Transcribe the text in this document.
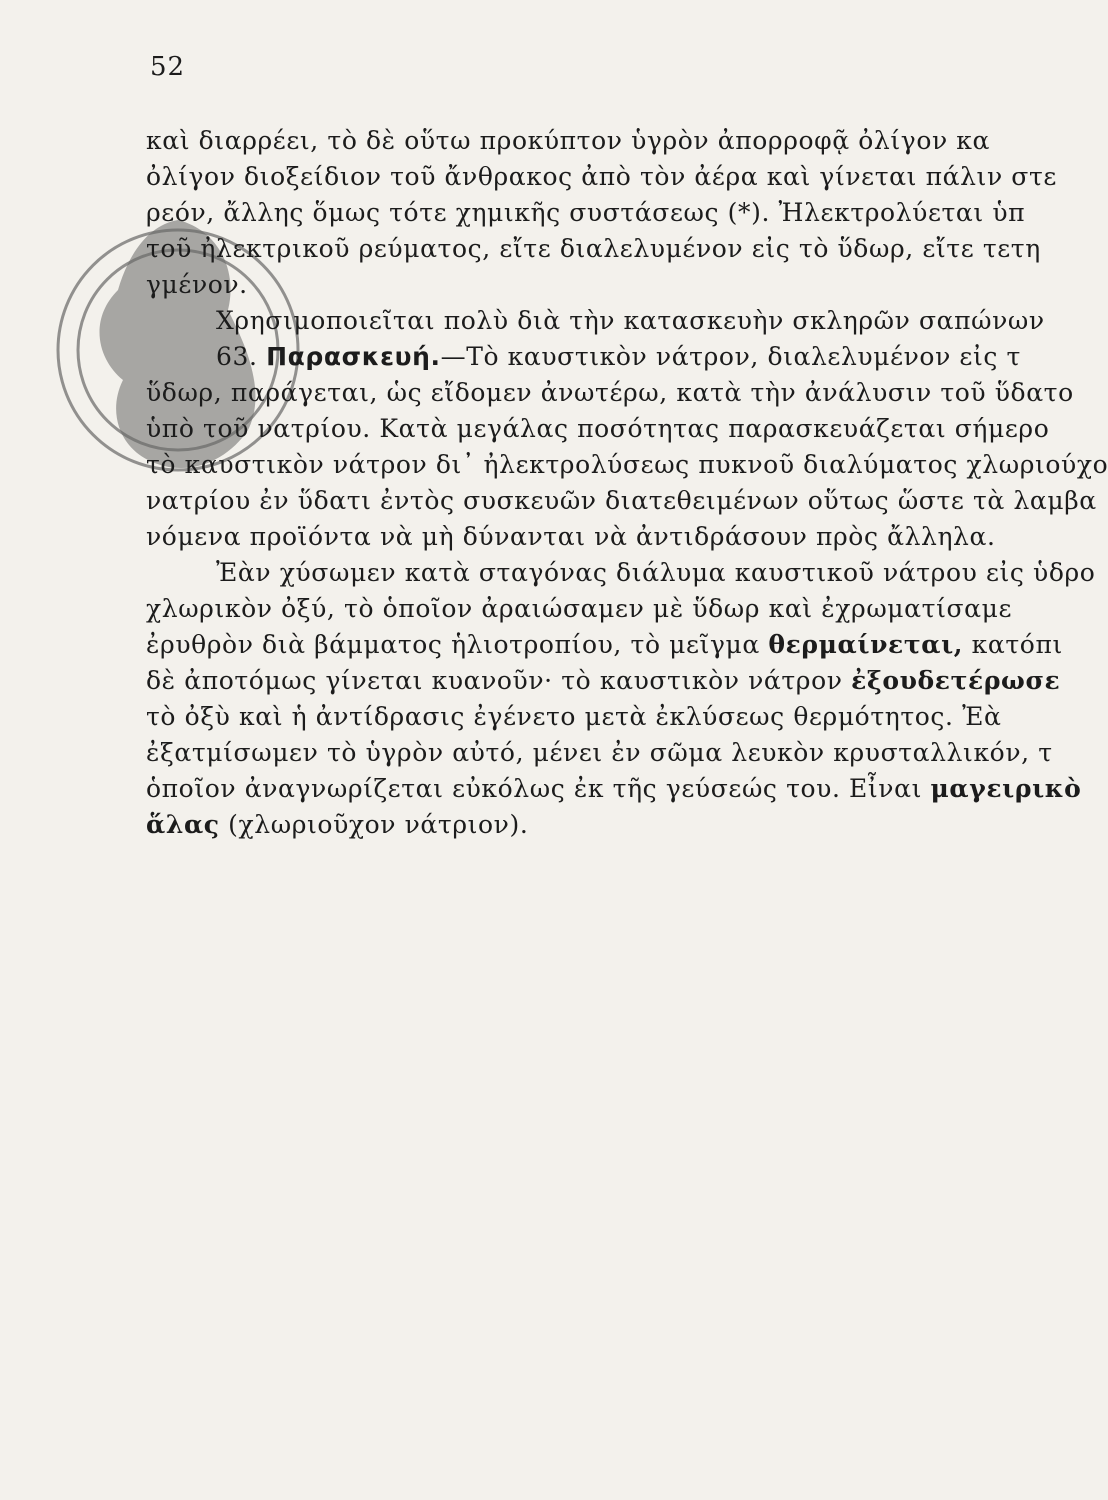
52
καὶ διαρρέει, τὸ δὲ οὕτω προκύπτον ὑγρὸν ἀπορροφᾷ ὀλίγον κα
ὀλίγον διοξείδιον τοῦ ἄνθρακος ἀπὸ τὸν ἀέρα καὶ γίνεται πάλιν στε
ρεόν, ἄλλης ὅμως τότε χημικῆς συστάσεως (*). Ἠλεκτρολύεται ὑπ
τοῦ ἠλεκτρικοῦ ρεύματος, εἴτε διαλελυμένον εἰς τὸ ὕδωρ, εἴτε τετη
γμένον.
Χρησιμοποιεῖται πολὺ διὰ τὴν κατασκευὴν σκληρῶν σαπώνων
63. Παρασκευή.—Τὸ καυστικὸν νάτρον, διαλελυμένον εἰς τ
ὕδωρ, παράγεται, ὡς εἴδομεν ἀνωτέρω, κατὰ τὴν ἀνάλυσιν τοῦ ὕδατο
ὑπὸ τοῦ νατρίου. Κατὰ μεγάλας ποσότητας παρασκευάζεται σήμερο
τὸ καυστικὸν νάτρον δι᾽ ἠλεκτρολύσεως πυκνοῦ διαλύματος χλωριούχο
νατρίου ἐν ὕδατι ἐντὸς συσκευῶν διατεθειμένων οὕτως ὥστε τὰ λαμβα
νόμενα προϊόντα νὰ μὴ δύνανται νὰ ἀντιδράσουν πρὸς ἄλληλα.
Ἐὰν χύσωμεν κατὰ σταγόνας διάλυμα καυστικοῦ νάτρου εἰς ὑδρο
χλωρικὸν ὀξύ, τὸ ὁποῖον ἀραιώσαμεν μὲ ὕδωρ καὶ ἐχρωματίσαμε
ἐρυθρὸν διὰ βάμματος ἡλιοτροπίου, τὸ μεῖγμα θερμαίνεται, κατόπι
δὲ ἀποτόμως γίνεται κυανοῦν· τὸ καυστικὸν νάτρον ἐξουδετέρωσε
τὸ ὀξὺ καὶ ἡ ἀντίδρασις ἐγένετο μετὰ ἐκλύσεως θερμότητος. Ἐὰ
ἐξατμίσωμεν τὸ ὑγρὸν αὐτό, μένει ἐν σῶμα λευκὸν κρυσταλλικόν, τ
ὁποῖον ἀναγνωρίζεται εὐκόλως ἐκ τῆς γεύσεώς του. Εἶναι μαγειρικὸ
ἅλας (χλωριοῦχον νάτριον).
